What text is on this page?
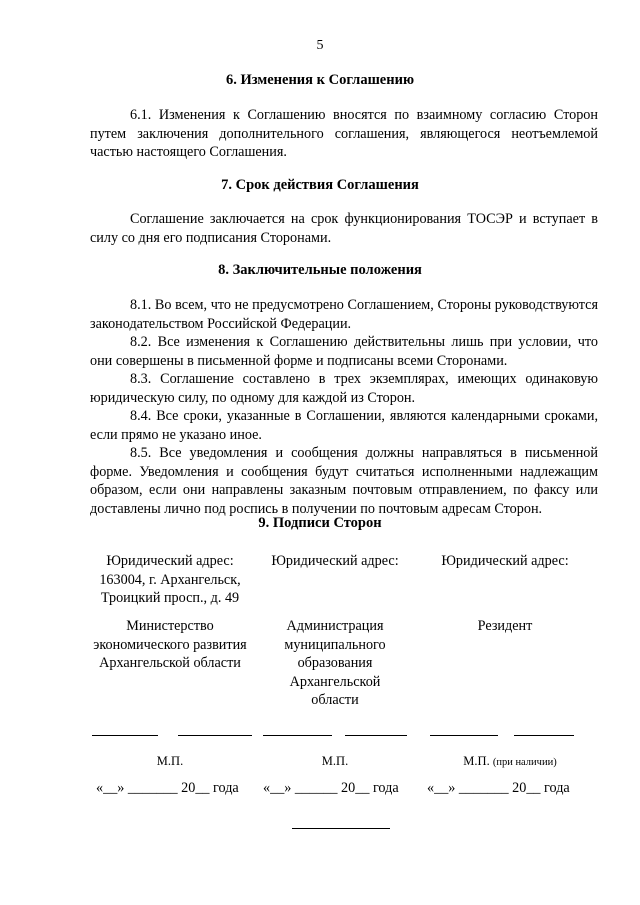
5
6. Изменения к Соглашению

6.1. Изменения к Соглашению вносятся по взаимному согласию Сторон путем заключения дополнительного соглашения, являющегося неотъемлемой частью настоящего Соглашения.

7. Срок действия Соглашения

Соглашение заключается на срок функционирования ТОСЭР и вступает в силу со дня его подписания Сторонами.

8. Заключительные положения

8.1. Во всем, что не предусмотрено Соглашением, Стороны руководствуются законодательством Российской Федерации.

8.2. Все изменения к Соглашению действительны лишь при условии, что они совершены в письменной форме и подписаны всеми Сторонами.

8.3. Соглашение составлено в трех экземплярах, имеющих одинаковую юридическую силу, по одному для каждой из Сторон.

8.4. Все сроки, указанные в Соглашении, являются календарными сроками, если прямо не указано иное.

8.5. Все уведомления и сообщения должны направляться в письменной форме. Уведомления и сообщения будут считаться исполненными надлежащим образом, если они направлены заказным почтовым отправлением, по факсу или доставлены лично под роспись в получении по почтовым адресам Сторон.

9. Подписи Сторон
Юридический адрес:
163004, г. Архангельск,
Троицкий просп., д. 49
Министерство
экономического развития
Архангельской области
Юридический адрес:
Администрация
муниципального
образования
Архангельской
области
Юридический адрес:
Резидент
М.П.	М.П.	М.П. (при наличии)
«__» _______ 20__ года «__» ______ 20__ года «__» _______ 20__ года
